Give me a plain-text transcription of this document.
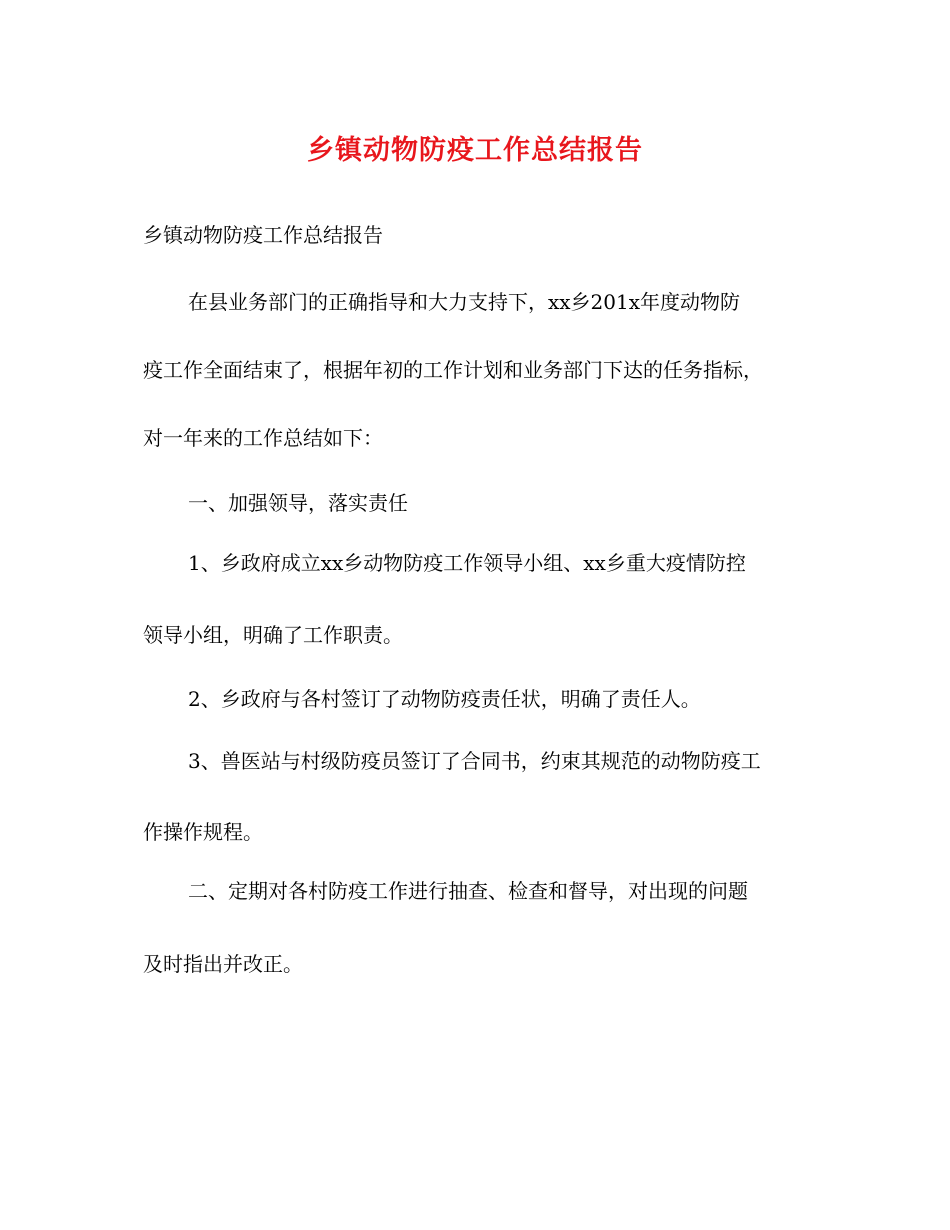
乡镇动物防疫工作总结报告

乡镇动物防疫工作总结报告

在县业务部门的正确指导和大力支持下，xx乡201x年度动物防

疫工作全面结束了，根据年初的工作计划和业务部门下达的任务指标，

对一年来的工作总结如下：

一、加强领导，落实责任

1、乡政府成立xx乡动物防疫工作领导小组、xx乡重大疫情防控

领导小组，明确了工作职责。

2、乡政府与各村签订了动物防疫责任状，明确了责任人。

3、兽医站与村级防疫员签订了合同书，约束其规范的动物防疫工

作操作规程。

二、定期对各村防疫工作进行抽查、检查和督导，对出现的问题

及时指出并改正。
